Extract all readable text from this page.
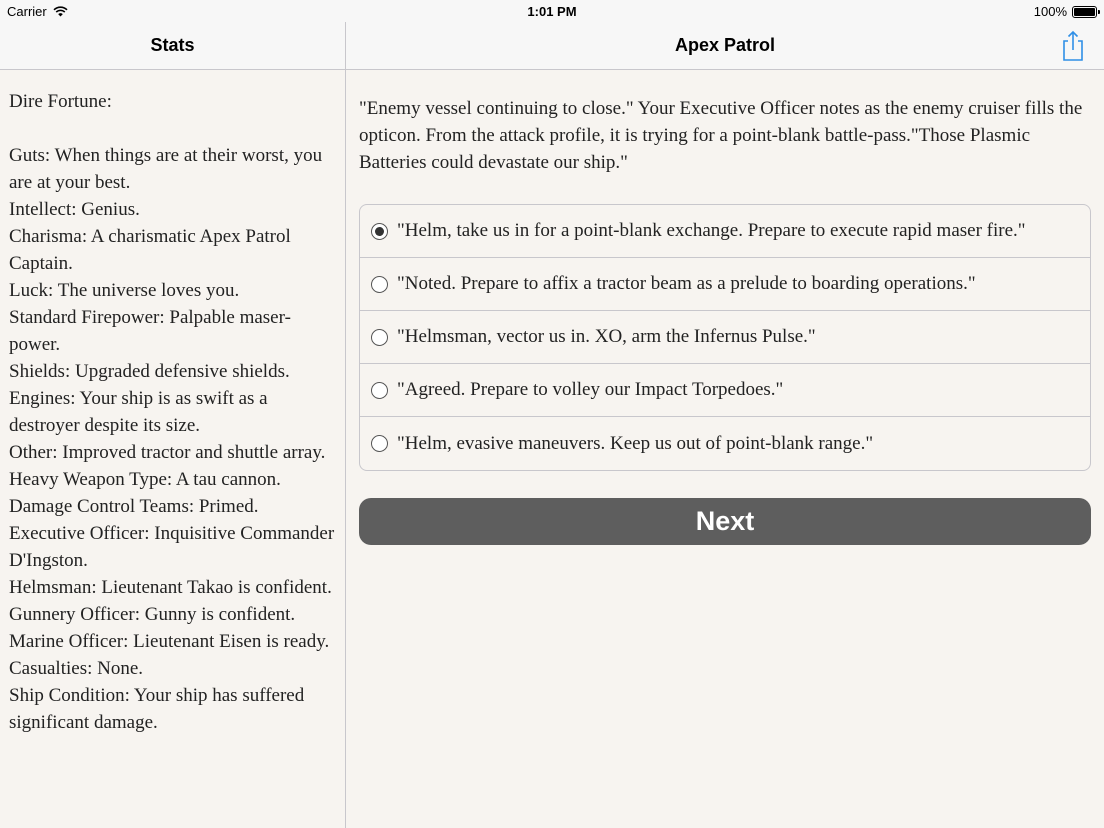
Carrier	1:01 PM	100%
Stats	Apex Patrol
Dire Fortune:
Guts: When things are at their worst, you are at your best.
Intellect: Genius.
Charisma: A charismatic Apex Patrol Captain.
Luck: The universe loves you.
Standard Firepower: Palpable maser-power.
Shields: Upgraded defensive shields.
Engines: Your ship is as swift as a destroyer despite its size.
Other: Improved tractor and shuttle array.
Heavy Weapon Type: A tau cannon.
Damage Control Teams: Primed.
Executive Officer: Inquisitive Commander D'Ingston.
Helmsman: Lieutenant Takao is confident.
Gunnery Officer: Gunny is confident.
Marine Officer: Lieutenant Eisen is ready.
Casualties: None.
Ship Condition: Your ship has suffered significant damage.
"Enemy vessel continuing to close." Your Executive Officer notes as the enemy cruiser fills the opticon. From the attack profile, it is trying for a point-blank battle-pass."Those Plasmic Batteries could devastate our ship."
"Helm, take us in for a point-blank exchange. Prepare to execute rapid maser fire."
"Noted. Prepare to affix a tractor beam as a prelude to boarding operations."
"Helmsman, vector us in. XO, arm the Infernus Pulse."
"Agreed. Prepare to volley our Impact Torpedoes."
"Helm, evasive maneuvers. Keep us out of point-blank range."
Next
